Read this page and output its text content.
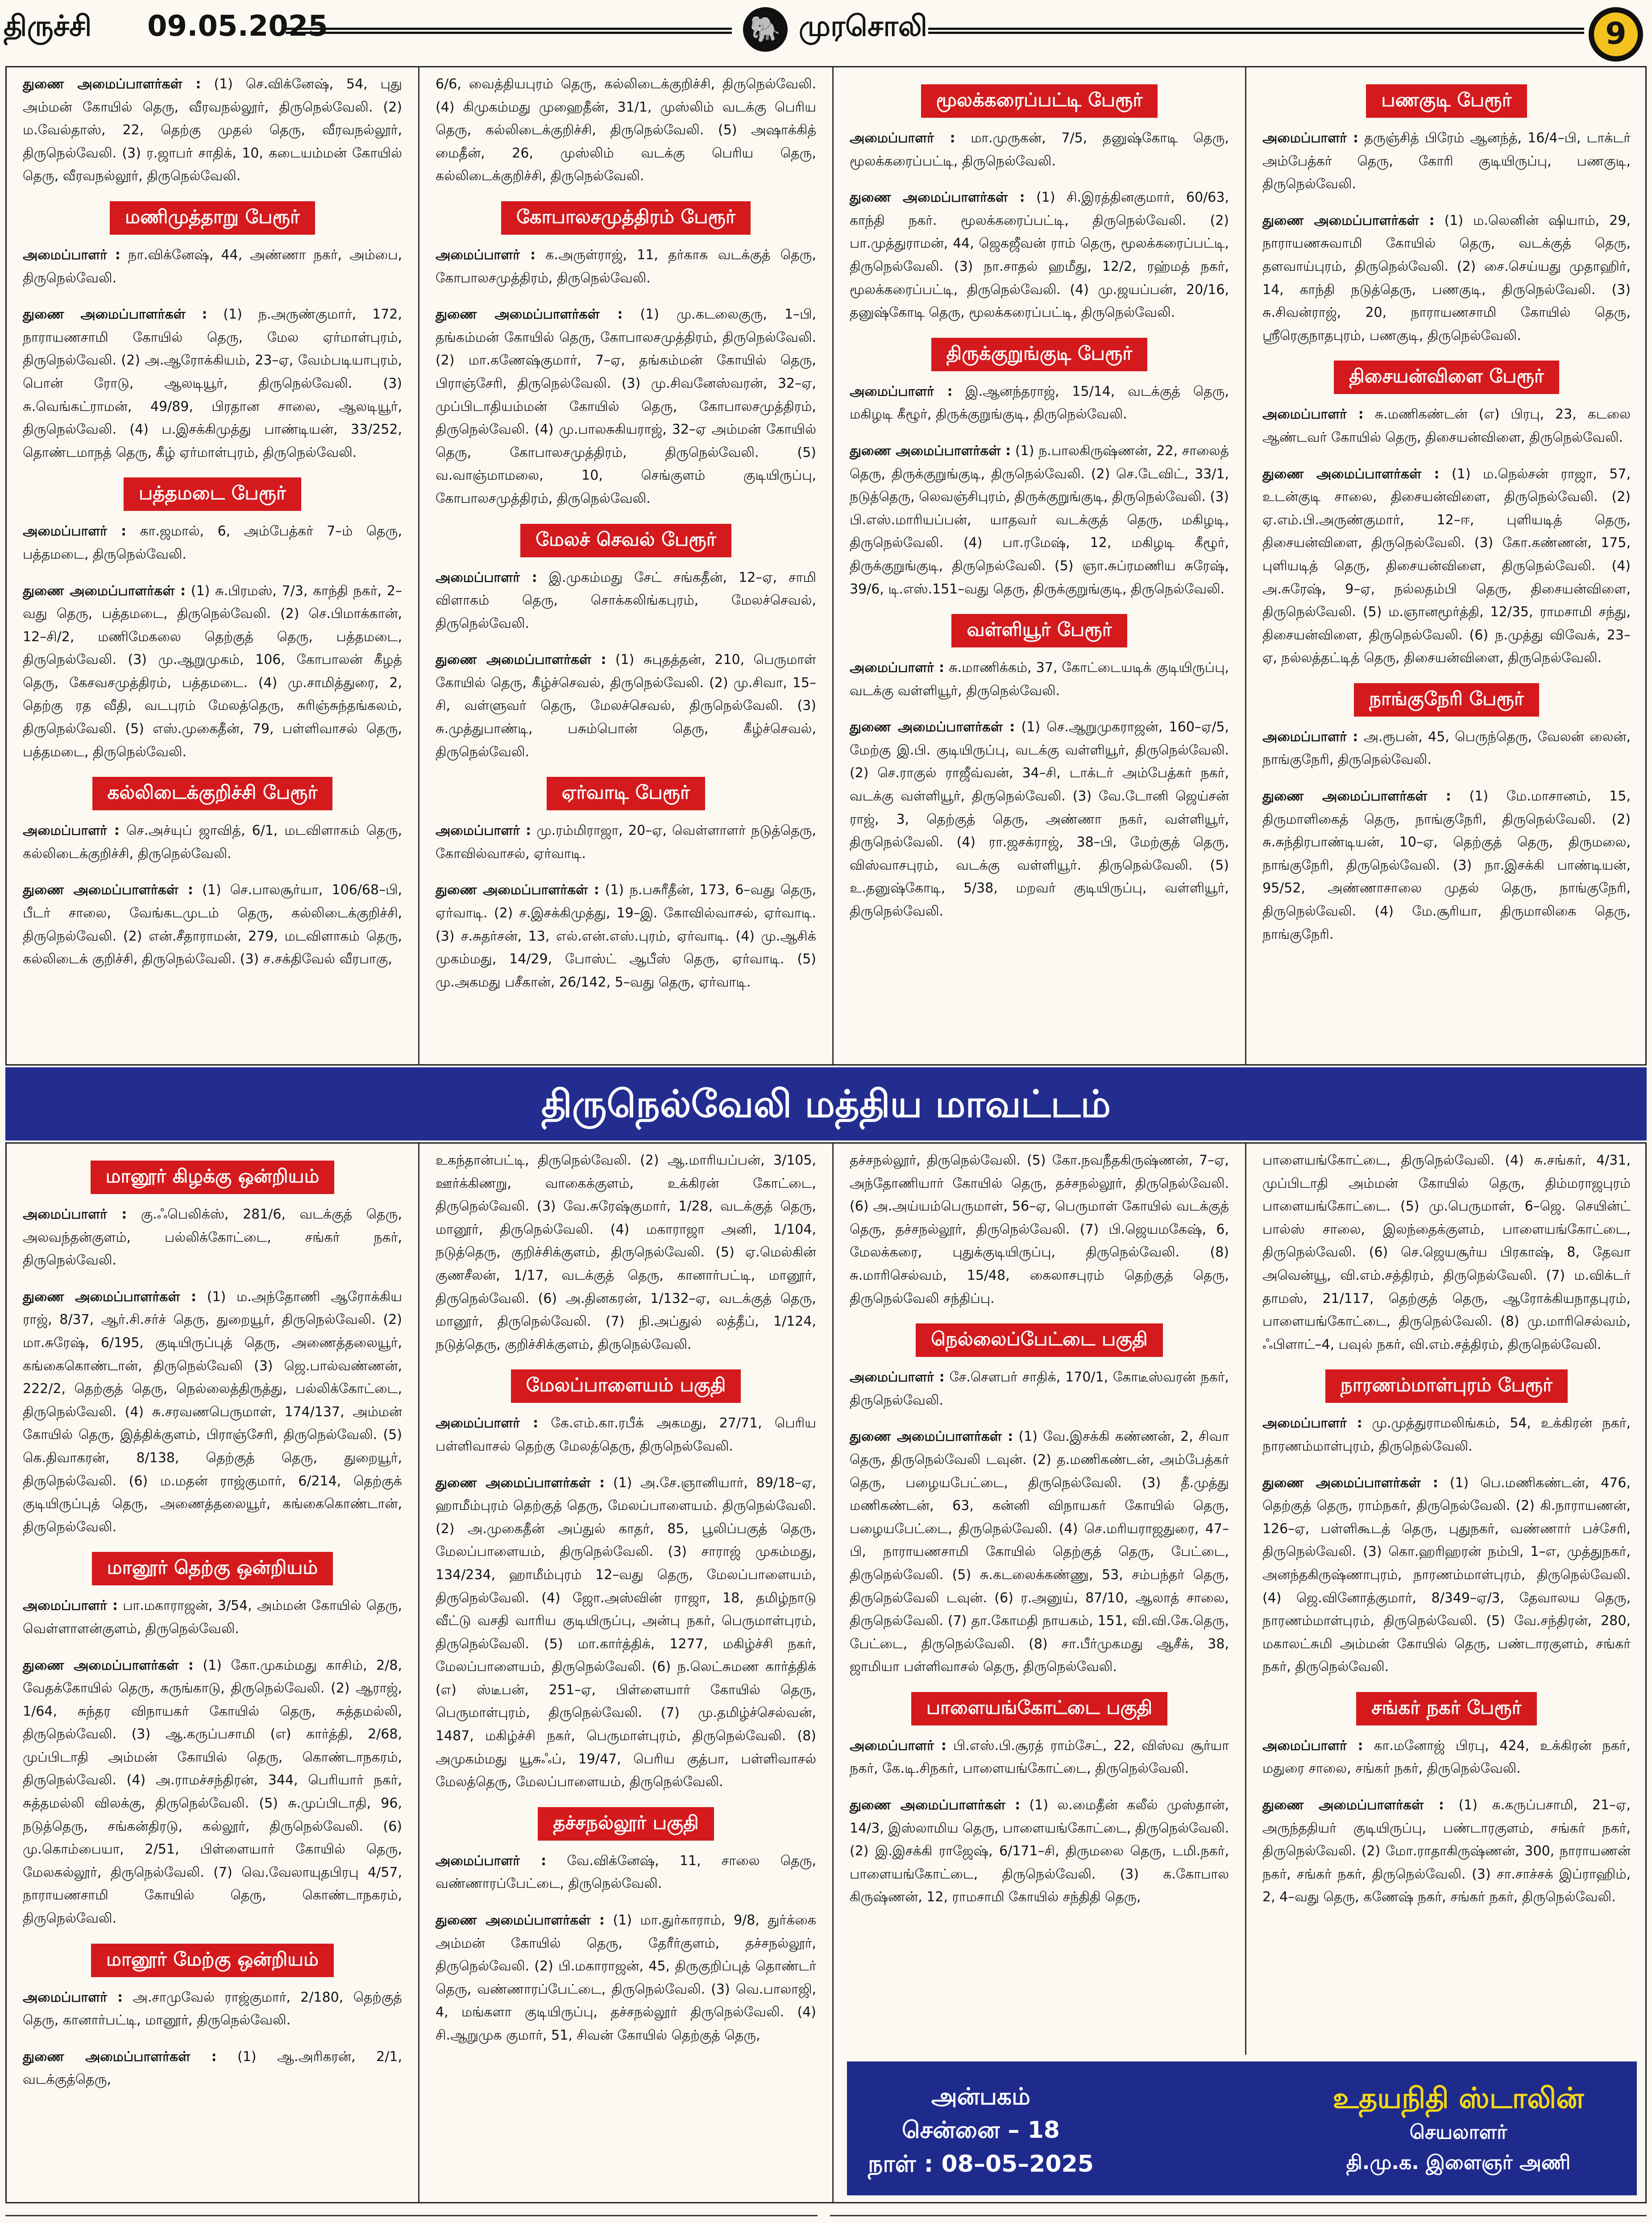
திருச்சி 09.05.2025	🐘 முரசொலி	9
துணை அமைப்பாளர்கள் : (1) செ.விக்னேஷ், 54, புது அம்மன் கோயில் தெரு, வீரவநல்லூர், திருநெல்வேலி. (2) ம.வேல்தாஸ், 22, தெற்கு முதல் தெரு, வீரவநல்லூர், திருநெல்வேலி. (3) ர.ஜாபர் சாதிக், 10, கடையம்மன் கோயில் தெரு, வீரவநல்லூர், திருநெல்வேலி.
மணிமுத்தாறு பேரூர்
அமைப்பாளர் : நா.விக்னேஷ், 44, அண்ணா நகர், அம்பை, திருநெல்வேலி.
துணை அமைப்பாளர்கள் : (1) ந.அருண்குமார், 172, நாராயணசாமி கோயில் தெரு, மேல ஏர்மாள்புரம், திருநெல்வேலி. (2) அ.ஆரோக்கியம், 23–ஏ, வேம்படியாபுரம், பொன் ரோடு, ஆலடியூர், திருநெல்வேலி. (3) சு.வெங்கட்ராமன், 49/89, பிரதான சாலை, ஆலடியூர், திருநெல்வேலி. (4) ப.இசக்கிமுத்து பாண்டியன், 33/252, தொண்டமாநத் தெரு, கீழ் ஏர்மாள்புரம், திருநெல்வேலி.
பத்தமடை பேரூர்
அமைப்பாளர் : கா.ஜமால், 6, அம்பேத்கர் 7–ம் தெரு, பத்தமடை, திருநெல்வேலி.
துணை அமைப்பாளர்கள் : (1) சு.பிரமஸ், 7/3, காந்தி நகர், 2–வது தெரு, பத்தமடை, திருநெல்வேலி. (2) செ.பிமாக்கான், 12–சி/2, மணிமேகலை தெற்குத் தெரு, பத்தமடை, திருநெல்வேலி. (3) மு.ஆறுமுகம், 106, கோபாலன் கீழத் தெரு, கேசவசமுத்திரம், பத்தமடை. (4) மு.சாமித்துரை, 2, தெற்கு ரத வீதி, வடபுரம் மேலத்தெரு, சுரிஞ்சுந்தங்கலம், திருநெல்வேலி. (5) எஸ்.முகைதீன், 79, பள்ளிவாசல் தெரு, பத்தமடை, திருநெல்வேலி.
கல்லிடைக்குறிச்சி பேரூர்
அமைப்பாளர் : செ.அச்யுப் ஜாவித், 6/1, மடவிளாகம் தெரு, கல்லிடைக்குறிச்சி, திருநெல்வேலி.
துணை அமைப்பாளர்கள் : (1) செ.பாலசூர்யா, 106/68–பி, பீடர் சாலை, வேங்கடமுடம் தெரு, கல்லிடைக்குறிச்சி, திருநெல்வேலி. (2) என்.சீதாராமன், 279, மடவிளாகம் தெரு, கல்லிடைக் குறிச்சி, திருநெல்வேலி. (3) ச.சக்திவேல் வீரபாகு,
6/6, வைத்தியபுரம் தெரு, கல்லிடைக்குறிச்சி, திருநெல்வேலி. (4) கிமுகம்மது முஹைதீன், 31/1, முஸ்லிம் வடக்கு பெரிய தெரு, கல்லிடைக்குறிச்சி, திருநெல்வேலி. (5) அஷாக்கித் மைதீன், 26, முஸ்லிம் வடக்கு பெரிய தெரு, கல்லிடைக்குறிச்சி, திருநெல்வேலி.
கோபாலசமுத்திரம் பேரூர்
அமைப்பாளர் : க.அருள்ராஜ், 11, தர்காக வடக்குத் தெரு, கோபாலசமுத்திரம், திருநெல்வேலி.
துணை அமைப்பாளர்கள் : (1) மு.கடலைகுரு, 1–பி, தங்கம்மன் கோயில் தெரு, கோபாலசமுத்திரம், திருநெல்வேலி. (2) மா.கணேஷ்குமார், 7–ஏ, தங்கம்மன் கோயில் தெரு, பிராஞ்சேரி, திருநெல்வேலி. (3) மு.சிவனேஸ்வரன், 32–ஏ, முப்பிடாதியம்மன் கோயில் தெரு, கோபாலசமுத்திரம், திருநெல்வேலி. (4) மு.பாலசுகியராஜ், 32–ஏ அம்மன் கோயில் தெரு, கோபாலசமுத்திரம், திருநெல்வேலி. (5) வ.வாஞ்மாமலை, 10, செங்குளம் குடியிருப்பு, கோபாலசமுத்திரம், திருநெல்வேலி.
மேலச் செவல் பேரூர்
அமைப்பாளர் : இ.முகம்மது சேட் சங்கதீன், 12–ஏ, சாமி விளாகம் தெரு, சொக்கலிங்கபுரம், மேலச்செவல், திருநெல்வேலி.
துணை அமைப்பாளர்கள் : (1) சுபுதத்தன், 210, பெருமாள் கோயில் தெரு, கீழ்ச்செவல், திருநெல்வேலி. (2) மு.சிவா, 15–சி, வள்ளுவர் தெரு, மேலச்செவல், திருநெல்வேலி. (3) சு.முத்துபாண்டி, பசும்பொன் தெரு, கீழ்ச்செவல், திருநெல்வேலி.
ஏர்வாடி பேரூர்
அமைப்பாளர் : மு.ரம்மிராஜா, 20–ஏ, வெள்ளாளர் நடுத்தெரு, கோவில்வாசல், ஏர்வாடி.
துணை அமைப்பாளர்கள் : (1) ந.பசுரீதீன், 173, 6–வது தெரு, ஏர்வாடி. (2) ச.இசக்கிமுத்து, 19–இ. கோவில்வாசல், ஏர்வாடி. (3) ச.சுதர்சன், 13, எல்.என்.எஸ்.புரம், ஏர்வாடி. (4) மு.ஆசிக் முகம்மது, 14/29, போஸ்ட் ஆபீஸ் தெரு, ஏர்வாடி. (5) மு.அகமது பசீகான், 26/142, 5–வது தெரு, ஏர்வாடி.
மூலக்கரைப்பட்டி பேரூர்
அமைப்பாளர் : மா.முருகன், 7/5, தனுஷ்கோடி தெரு, மூலக்கரைப்பட்டி, திருநெல்வேலி.
துணை அமைப்பாளர்கள் : (1) சி.இரத்தினகுமார், 60/63, காந்தி நகர். மூலக்கரைப்பட்டி, திருநெல்வேலி. (2) பா.முத்துராமன், 44, ஜெகஜீவன் ராம் தெரு, மூலக்கரைப்பட்டி, திருநெல்வேலி. (3) நா.சாதல் ஹமீது, 12/2, ரஹ்மத் நகர், மூலக்கரைப்பட்டி, திருநெல்வேலி. (4) மு.ஜயப்பன், 20/16, தனுஷ்கோடி தெரு, மூலக்கரைப்பட்டி, திருநெல்வேலி.
திருக்குறுங்குடி பேரூர்
அமைப்பாளர் : இ.ஆனந்தராஜ், 15/14, வடக்குத் தெரு, மகிழடி கீழூர், திருக்குறுங்குடி, திருநெல்வேலி.
துணை அமைப்பாளர்கள் : (1) ந.பாலகிருஷ்ணன், 22, சாலைத் தெரு, திருக்குறுங்குடி, திருநெல்வேலி. (2) செ.டேவிட், 33/1, நடுத்தெரு, லெவஞ்சிபுரம், திருக்குறுங்குடி, திருநெல்வேலி. (3) பி.எஸ்.மாரியப்பன், யாதவர் வடக்குத் தெரு, மகிழடி, திருநெல்வேலி. (4) பா.ரமேஷ், 12, மகிழடி கீழூர், திருக்குறுங்குடி, திருநெல்வேலி. (5) ஞா.சுப்ரமணிய சுரேஷ், 39/6, டி.எஸ்.151–வது தெரு, திருக்குறுங்குடி, திருநெல்வேலி.
வள்ளியூர் பேரூர்
அமைப்பாளர் : சு.மாணிக்கம், 37, கோட்டையடிக் குடியிருப்பு, வடக்கு வள்ளியூர், திருநெல்வேலி.
துணை அமைப்பாளர்கள் : (1) செ.ஆறுமுகராஜன், 160–ஏ/5, மேற்கு இ.பி. குடியிருப்பு, வடக்கு வள்ளியூர், திருநெல்வேலி. (2) செ.ராகுல் ராஜீவ்வன், 34–சி, டாக்டர் அம்பேத்கர் நகர், வடக்கு வள்ளியூர், திருநெல்வேலி. (3) வே.டோனி ஜெய்சன் ராஜ், 3, தெற்குத் தெரு, அண்ணா நகர், வள்ளியூர், திருநெல்வேலி. (4) ரா.ஜசக்ராஜ், 38–பி, மேற்குத் தெரு, விஸ்வாசபுரம், வடக்கு வள்ளியூர். திருநெல்வேலி. (5) உ.தனுஷ்கோடி, 5/38, மறவர் குடியிருப்பு, வள்ளியூர், திருநெல்வேலி.
பணகுடி பேரூர்
அமைப்பாளர் : தருஞ்சித் பிரேம் ஆனந்த், 16/4–பி, டாக்டர் அம்பேத்கர் தெரு, கோரி குடியிருப்பு, பணகுடி, திருநெல்வேலி.
துணை அமைப்பாளர்கள் : (1) ம.லெனின் ஷியாம், 29, நாராயணசுவாமி கோயில் தெரு, வடக்குத் தெரு, தளவாய்புரம், திருநெல்வேலி. (2) சை.செய்யது முதாஹிர், 14, காந்தி நடுத்தெரு, பணகுடி, திருநெல்வேலி. (3) சு.சிவன்ராஜ், 20, நாராயணசாமி கோயில் தெரு, ஸ்ரீரெகுநாதபுரம், பணகுடி, திருநெல்வேலி.
திசையன்விளை பேரூர்
அமைப்பாளர் : சு.மணிகண்டன் (எ) பிரபு, 23, கடலை ஆண்டவர் கோயில் தெரு, திசையன்விளை, திருநெல்வேலி.
துணை அமைப்பாளர்கள் : (1) ம.நெல்சன் ராஜா, 57, உடன்குடி சாலை, திசையன்விளை, திருநெல்வேலி. (2) ஏ.எம்.பி.அருண்குமார், 12–ஈ, புளியடித் தெரு, திசையன்விளை, திருநெல்வேலி. (3) கோ.கண்ணன், 175, புளியடித் தெரு, திசையன்விளை, திருநெல்வேலி. (4) அ.சுரேஷ், 9–ஏ, நல்லதம்பி தெரு, திசையன்விளை, திருநெல்வேலி. (5) ம.ஞானமூர்த்தி, 12/35, ராமசாமி சந்து, திசையன்விளை, திருநெல்வேலி. (6) ந.முத்து விவேக், 23–ஏ, நல்லத்தட்டித் தெரு, திசையன்விளை, திருநெல்வேலி.
நாங்குநேரி பேரூர்
அமைப்பாளர் : அ.ரூபன், 45, பெருந்தெரு, வேலன் லைன், நாங்குநேரி, திருநெல்வேலி.
துணை அமைப்பாளர்கள் : (1) மே.மாசானம், 15, திருமாளிகைத் தெரு, நாங்குநேரி, திருநெல்வேலி. (2) சு.சுந்திரபாண்டியன், 10–ஏ, தெற்குத் தெரு, திருமலை, நாங்குநேரி, திருநெல்வேலி. (3) நா.இசக்கி பாண்டியன், 95/52, அண்ணாசாலை முதல் தெரு, நாங்குநேரி, திருநெல்வேலி. (4) மே.சூரியா, திருமாலிகை தெரு, நாங்குநேரி.
திருநெல்வேலி மத்திய மாவட்டம்
மானூர் கிழக்கு ஒன்றியம்
அமைப்பாளர் : கு.ஃபெலிக்ஸ், 281/6, வடக்குத் தெரு, அலவந்தன்குளம், பல்லிக்கோட்டை, சங்கர் நகர், திருநெல்வேலி.
துணை அமைப்பாளர்கள் : (1) ம.அந்தோணி ஆரோக்கிய ராஜ், 8/37, ஆர்.சி.சர்ச் தெரு, துறையூர், திருநெல்வேலி. (2) மா.சுரேஷ், 6/195, குடியிருப்புத் தெரு, அணைத்தலையூர், கங்கைகொண்டான், திருநெல்வேலி (3) ஜெ.பால்வண்ணன், 222/2, தெற்குத் தெரு, நெல்லைத்திருத்து, பல்லிக்கோட்டை, திருநெல்வேலி. (4) சு.சரவணபெருமாள், 174/137, அம்மன் கோயில் தெரு, இத்திக்குளம், பிராஞ்சேரி, திருநெல்வேலி. (5) கெ.திவாகரன், 8/138, தெற்குத் தெரு, துறையூர், திருநெல்வேலி. (6) ம.மதன் ராஜ்குமார், 6/214, தெற்குக் குடியிருப்புத் தெரு, அணைத்தலையூர், கங்கைகொண்டான், திருநெல்வேலி.
மானூர் தெற்கு ஒன்றியம்
அமைப்பாளர் : பா.மகாராஜன், 3/54, அம்மன் கோயில் தெரு, வெள்ளாளன்குளம், திருநெல்வேலி.
துணை அமைப்பாளர்கள் : (1) கோ.முகம்மது காசிம், 2/8, வேதக்கோயில் தெரு, கருங்காடு, திருநெல்வேலி. (2) ஆராஜ், 1/64, சுந்தர விநாயகர் கோயில் தெரு, சுத்தமல்லி, திருநெல்வேலி. (3) ஆ.கருப்பசாமி (எ) கார்த்தி, 2/68, முப்பிடாதி அம்மன் கோயில் தெரு, கொண்டாநகரம், திருநெல்வேலி. (4) அ.ராமச்சந்திரன், 344, பெரியார் நகர், சுத்தமல்லி விலக்கு, திருநெல்வேலி. (5) சு.முப்பிடாதி, 96, நடுத்தெரு, சங்கன்திரடு, கல்லூர், திருநெல்வேலி. (6) மு.கொம்பையா, 2/51, பிள்ளையார் கோயில் தெரு, மேலகல்லூர், திருநெல்வேலி. (7) வெ.வேலாயுதபிரபு 4/57, நாராயணசாமி கோயில் தெரு, கொண்டாநகரம், திருநெல்வேலி.
மானூர் மேற்கு ஒன்றியம்
அமைப்பாளர் : அ.சாமுவேல் ராஜ்குமார், 2/180, தெற்குத் தெரு, கானார்பட்டி, மானூர், திருநெல்வேலி.
துணை அமைப்பாளர்கள் : (1) ஆ.அரிகரன், 2/1, வடக்குத்தெரு,
உகந்தான்பட்டி, திருநெல்வேலி. (2) ஆ.மாரியப்பன், 3/105, ஊர்க்கிணறு, வாகைக்குளம், உக்கிரன் கோட்டை, திருநெல்வேலி. (3) வே.சுரேஷ்குமார், 1/28, வடக்குத் தெரு, மானூர், திருநெல்வேலி. (4) மகாராஜா அனி, 1/104, நடுத்தெரு, குறிச்சிக்குளம், திருநெல்வேலி. (5) ஏ.மெல்கின் குணசீலன், 1/17, வடக்குத் தெரு, கானார்பட்டி, மானூர், திருநெல்வேலி. (6) அ.தினகரன், 1/132–ஏ, வடக்குத் தெரு, மானூர், திருநெல்வேலி. (7) நி.அப்துல் லத்தீப், 1/124, நடுத்தெரு, குறிச்சிக்குளம், திருநெல்வேலி.
மேலப்பாளையம் பகுதி
அமைப்பாளர் : கே.எம்.கா.ரபீக் அகமது, 27/71, பெரிய பள்ளிவாசல் தெற்கு மேலத்தெரு, திருநெல்வேலி.
துணை அமைப்பாளர்கள் : (1) அ.சே.ஞானியார், 89/18–ஏ, ஹாமீம்புரம் தெற்குத் தெரு, மேலப்பாளையம். திருநெல்வேலி. (2) அ.முகைதீன் அப்துல் காதர், 85, பூலிப்பகுத் தெரு, மேலப்பாளையம், திருநெல்வேலி. (3) சாராஜ் முகம்மது, 134/234, ஹாமீம்புரம் 12–வது தெரு, மேலப்பாளையம், திருநெல்வேலி. (4) ஜோ.அஸ்வின் ராஜா, 18, தமிழ்நாடு வீட்டு வசதி வாரிய குடியிருப்பு, அன்பு நகர், பெருமாள்புரம், திருநெல்வேலி. (5) மா.கார்த்திக், 1277, மகிழ்ச்சி நகர், மேலப்பாளையம், திருநெல்வேலி. (6) ந.லெட்சுமண கார்த்திக் (எ) ஸ்டீபன், 251–ஏ, பிள்ளையார் கோயில் தெரு, பெருமாள்புரம், திருநெல்வேலி. (7) மு.தமிழ்ச்செல்வன், 1487, மகிழ்ச்சி நகர், பெருமாள்புரம், திருநெல்வேலி. (8) அமுகம்மது யூசுஃப், 19/47, பெரிய குத்பா, பள்ளிவாசல் மேலத்தெரு, மேலப்பாளையம், திருநெல்வேலி.
தச்சநல்லூர் பகுதி
அமைப்பாளர் : வே.விக்னேஷ், 11, சாலை தெரு, வண்ணாரப்பேட்டை, திருநெல்வேலி.
துணை அமைப்பாளர்கள் : (1) மா.துர்காராம், 9/8, துர்க்கை அம்மன் கோயில் தெரு, தேரீர்குளம், தச்சநல்லூர், திருநெல்வேலி. (2) பி.மகாராஜன், 45, திருகுறிப்புத் தொண்டர் தெரு, வண்ணாரப்பேட்டை, திருநெல்வேலி. (3) வெ.பாலாஜி, 4, மங்களா குடியிருப்பு, தச்சநல்லூர் திருநெல்வேலி. (4) சி.ஆறுமுக குமார், 51, சிவன் கோயில் தெற்குத் தெரு,
தச்சநல்லூர், திருநெல்வேலி. (5) கோ.நவநீதகிருஷ்ணன், 7–ஏ, அந்தோணியார் கோயில் தெரு, தச்சநல்லூர், திருநெல்வேலி. (6) அ.அய்யம்பெருமாள், 56–ஏ, பெருமாள் கோயில் வடக்குத் தெரு, தச்சநல்லூர், திருநெல்வேலி. (7) பி.ஜெயமகேஷ், 6, மேலக்கரை, புதுக்குடியிருப்பு, திருநெல்வேலி. (8) சு.மாரிசெல்வம், 15/48, கைலாசபுரம் தெற்குத் தெரு, திருநெல்வேலி சந்திப்பு.
நெல்லைப்பேட்டை பகுதி
அமைப்பாளர் : சே.செளபர் சாதிக், 170/1, கோடீஸ்வரன் நகர், திருநெல்வேலி.
துணை அமைப்பாளர்கள் : (1) வே.இசக்கி கண்ணன், 2, சிவா தெரு, திருநெல்வேலி டவுன். (2) த.மணிகண்டன், அம்பேத்கர் தெரு, பழையபேட்டை, திருநெல்வேலி. (3) தீ.முத்து மணிகண்டன், 63, கன்னி விநாயகர் கோயில் தெரு, பழையபேட்டை, திருநெல்வேலி. (4) செ.மரியராஜதுரை, 47–பி, நாராயணசாமி கோயில் தெற்குத் தெரு, பேட்டை, திருநெல்வேலி. (5) சு.கடலைக்கண்ணு, 53, சம்பந்தர் தெரு, திருநெல்வேலி டவுன். (6) ர.அனுய், 87/10, ஆலாத் சாலை, திருநெல்வேலி. (7) தா.கோமதி நாயகம், 151, வி.வி.கே.தெரு, பேட்டை, திருநெல்வேலி. (8) சா.பீர்முகமது ஆசீக், 38, ஜாமியா பள்ளிவாசல் தெரு, திருநெல்வேலி.
பாளையங்கோட்டை பகுதி
அமைப்பாளர் : பி.எஸ்.பி.சூரத் ராம்சேட், 22, விஸ்வ சூர்யா நகர், கே.டி.சிநகர், பாளையங்கோட்டை, திருநெல்வேலி.
துணை அமைப்பாளர்கள் : (1) ல.மைதீன் கலீல் முஸ்தான், 14/3, இஸ்லாமிய தெரு, பாளையங்கோட்டை, திருநெல்வேலி. (2) இ.இசக்கி ராஜேஷ், 6/171–சி, திருமலை தெரு, டமி.நகர், பாளையங்கோட்டை, திருநெல்வேலி. (3) க.கோபால கிருஷ்ணன், 12, ராமசாமி கோயில் சந்திதி தெரு,
பாளையங்கோட்டை, திருநெல்வேலி. (4) சு.சங்கர், 4/31, முப்பிடாதி அம்மன் கோயில் தெரு, திம்மராஜபுரம் பாளையங்கோட்டை. (5) மு.பெருமாள், 6–ஜெ. செயின்ட் பால்ஸ் சாலை, இலந்தைக்குளம், பாளையங்கோட்டை, திருநெல்வேலி. (6) செ.ஜெயசூர்ய பிரகாஷ், 8, தேவா அவென்யூ, வி.எம்.சத்திரம், திருநெல்வேலி. (7) ம.விக்டர் தாமஸ், 21/117, தெற்குத் தெரு, ஆரோக்கியநாதபுரம், பாளையங்கோட்டை, திருநெல்வேலி. (8) மு.மாரிசெல்வம், ஃபிளாட்–4, பவுல் நகர், வி.எம்.சத்திரம், திருநெல்வேலி.
நாரணம்மாள்புரம் பேரூர்
அமைப்பாளர் : மு.முத்துராமலிங்கம், 54, உக்கிரன் நகர், நாரணம்மாள்புரம், திருநெல்வேலி.
துணை அமைப்பாளர்கள் : (1) பெ.மணிகண்டன், 476, தெற்குத் தெரு, ராம்நகர், திருநெல்வேலி. (2) கி.நாராயணன், 126–ஏ, பள்ளிகூடத் தெரு, புதுநகர், வண்ணார் பச்சேரி, திருநெல்வேலி. (3) கொ.ஹரிஹரன் நம்பி, 1–எ, முத்துநகர், அனந்தகிருஷ்ணாபுரம், நாரணம்மாள்புரம், திருநெல்வேலி. (4) ஜெ.வினோத்குமார், 8/349–ஏ/3, தேவாலய தெரு, நாரணம்மாள்புரம், திருநெல்வேலி. (5) வே.சந்திரன், 280, மகாலட்சுமி அம்மன் கோயில் தெரு, பண்டாரகுளம், சங்கர் நகர், திருநெல்வேலி.
சங்கர் நகர் பேரூர்
அமைப்பாளர் : கா.மனோஜ் பிரபு, 424, உக்கிரன் நகர், மதுரை சாலை, சங்கர் நகர், திருநெல்வேலி.
துணை அமைப்பாளர்கள் : (1) க.கருப்பசாமி, 21–ஏ, அருந்ததியர் குடியிருப்பு, பண்டாரகுளம், சங்கர் நகர், திருநெல்வேலி. (2) மோ.ராதாகிருஷ்ணன், 300, நாராயணன் நகர், சங்கர் நகர், திருநெல்வேலி. (3) சா.சாச்சக் இப்ராஹிம், 2, 4–வது தெரு, கணேஷ் நகர், சங்கர் நகர், திருநெல்வேலி.
அன்பகம்
சென்னை – 18
நாள் : 08–05–2025
உதயநிதி ஸ்டாலின்
செயலாளர்
தி.மு.க. இளைஞர் அணி
